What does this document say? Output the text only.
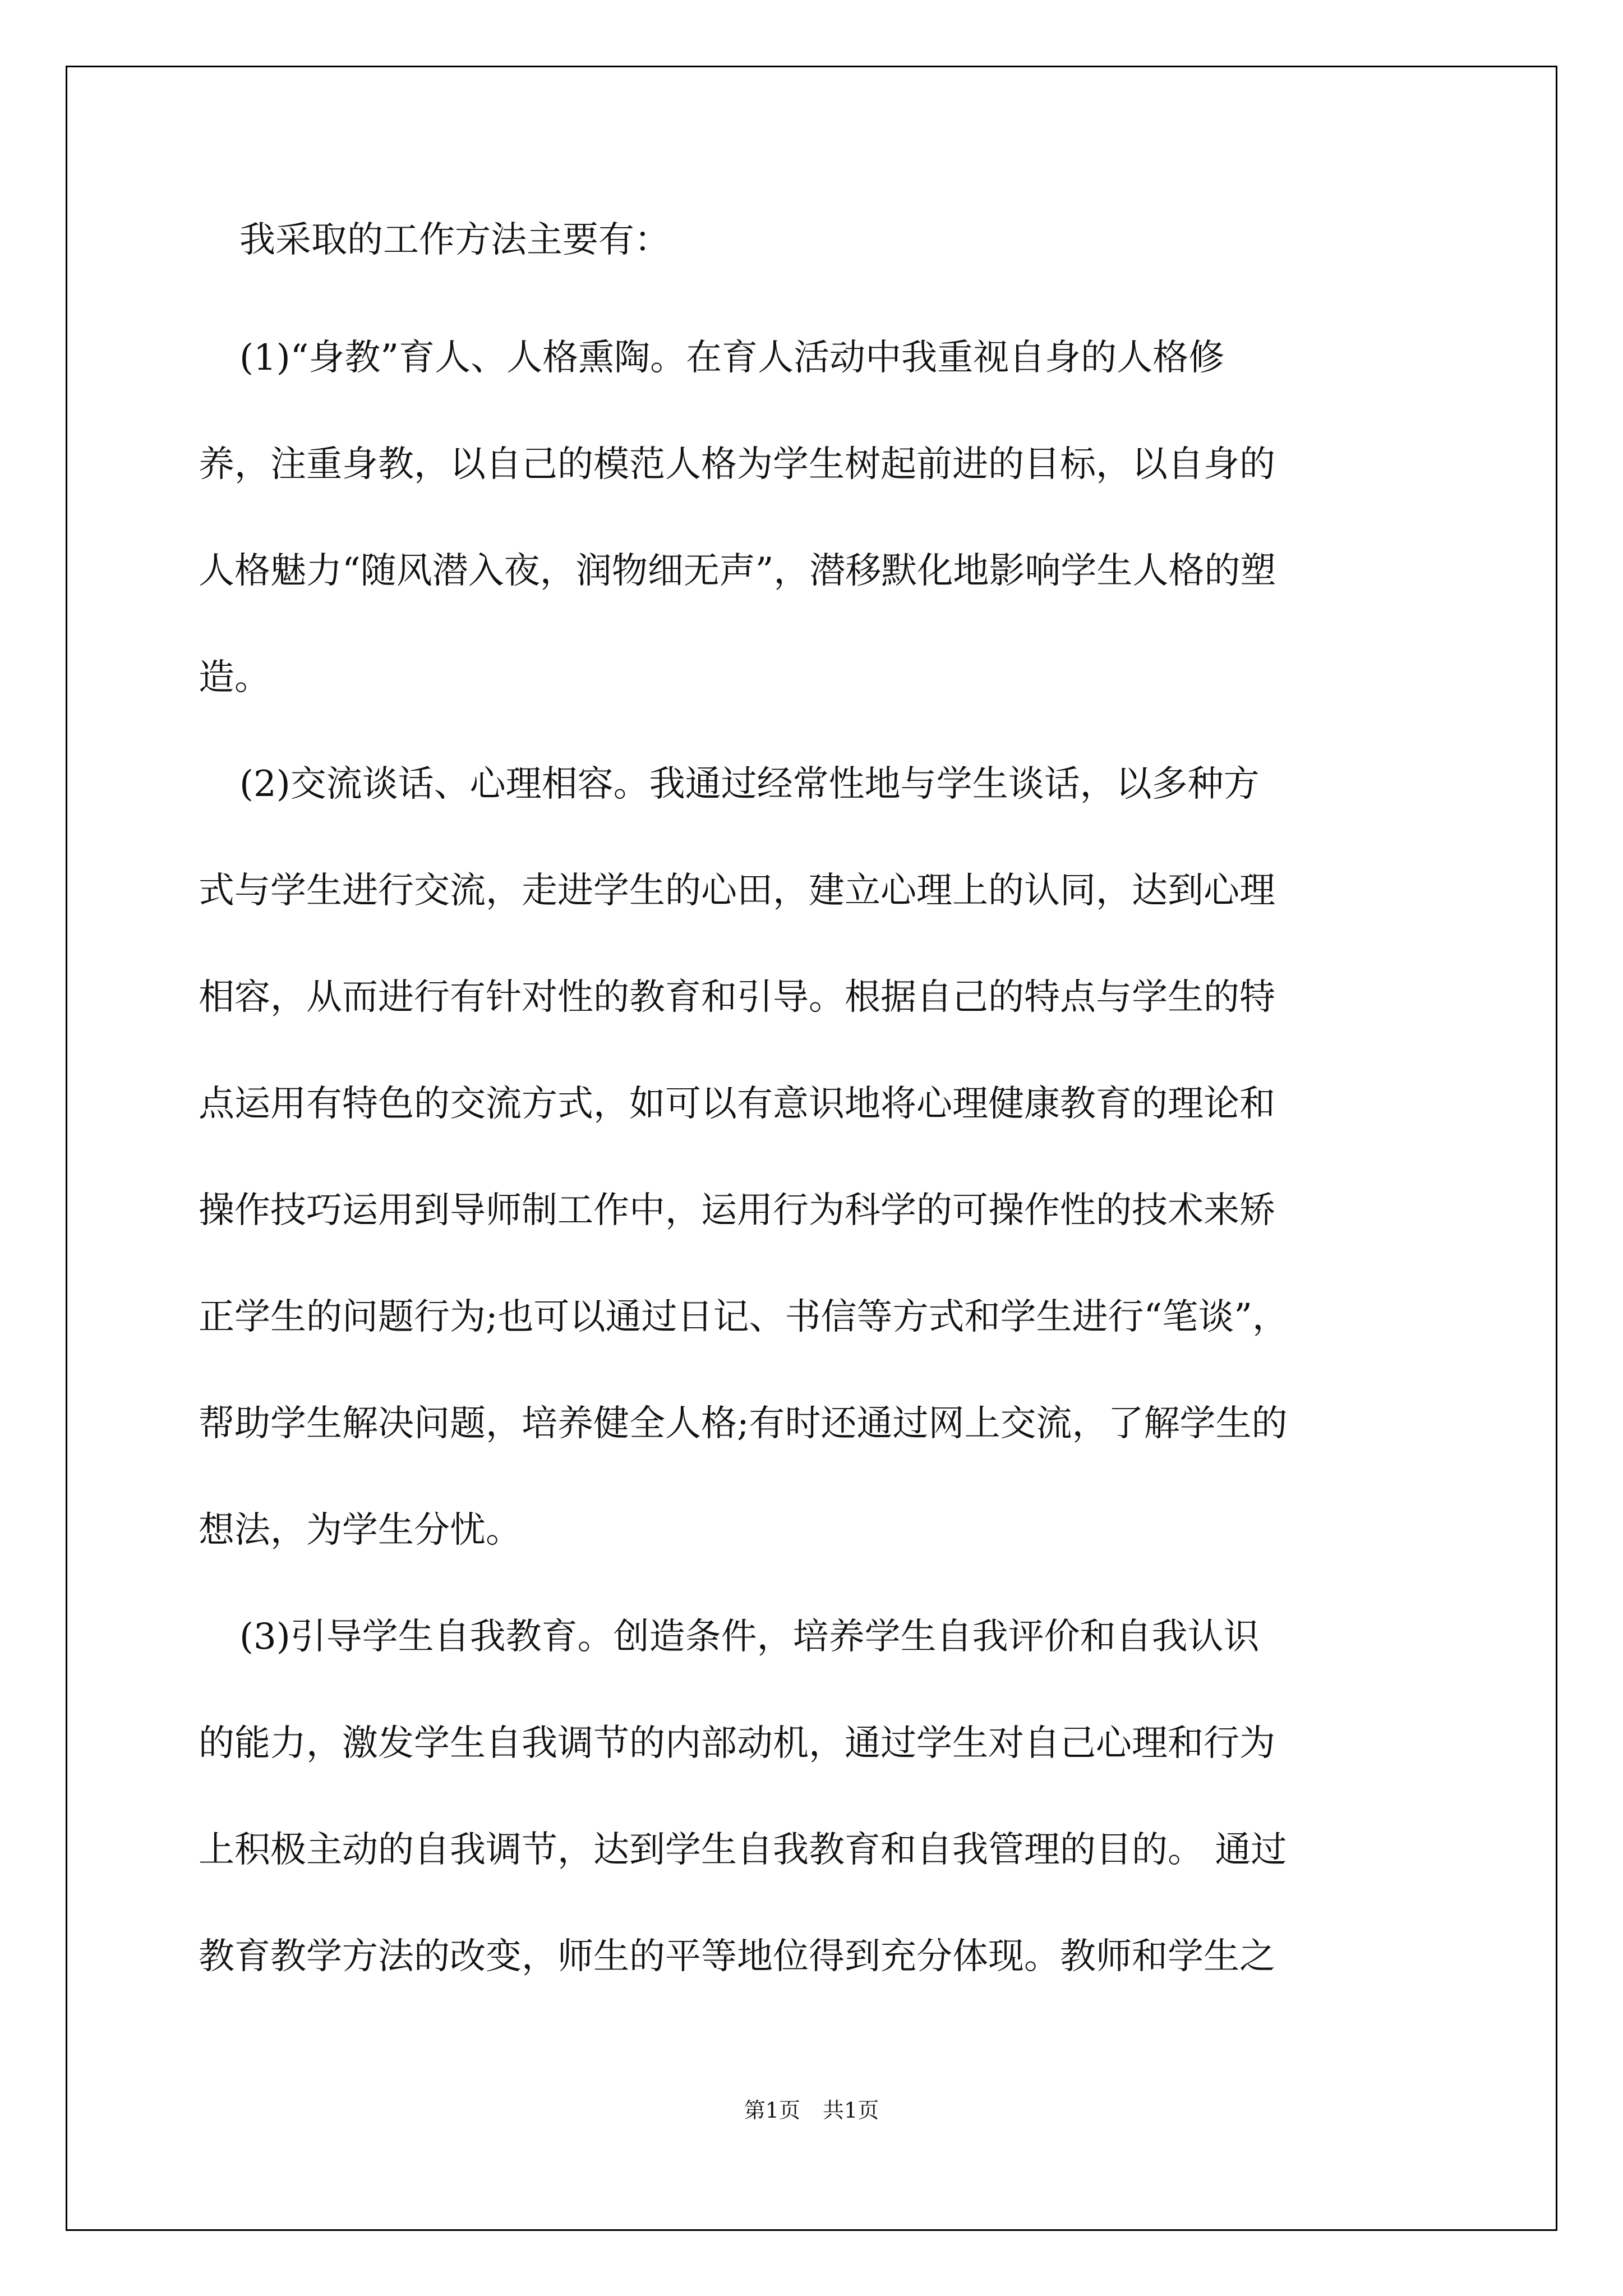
我采取的工作方法主要有：

(1)“身教”育人、人格熏陶。在育人活动中我重视自身的人格修

养，注重身教，以自己的模范人格为学生树起前进的目标，以自身的

人格魅力“随风潜入夜，润物细无声”，潜移默化地影响学生人格的塑

造。

(2)交流谈话、心理相容。我通过经常性地与学生谈话，以多种方

式与学生进行交流，走进学生的心田，建立心理上的认同，达到心理

相容，从而进行有针对性的教育和引导。根据自己的特点与学生的特

点运用有特色的交流方式，如可以有意识地将心理健康教育的理论和

操作技巧运用到导师制工作中，运用行为科学的可操作性的技术来矫

正学生的问题行为;也可以通过日记、书信等方式和学生进行“笔谈”，

帮助学生解决问题，培养健全人格;有时还通过网上交流，了解学生的

想法，为学生分忧。

(3)引导学生自我教育。创造条件，培养学生自我评价和自我认识

的能力，激发学生自我调节的内部动机，通过学生对自己心理和行为

上积极主动的自我调节，达到学生自我教育和自我管理的目的。 通过

教育教学方法的改变，师生的平等地位得到充分体现。教师和学生之

第1页 共1页
